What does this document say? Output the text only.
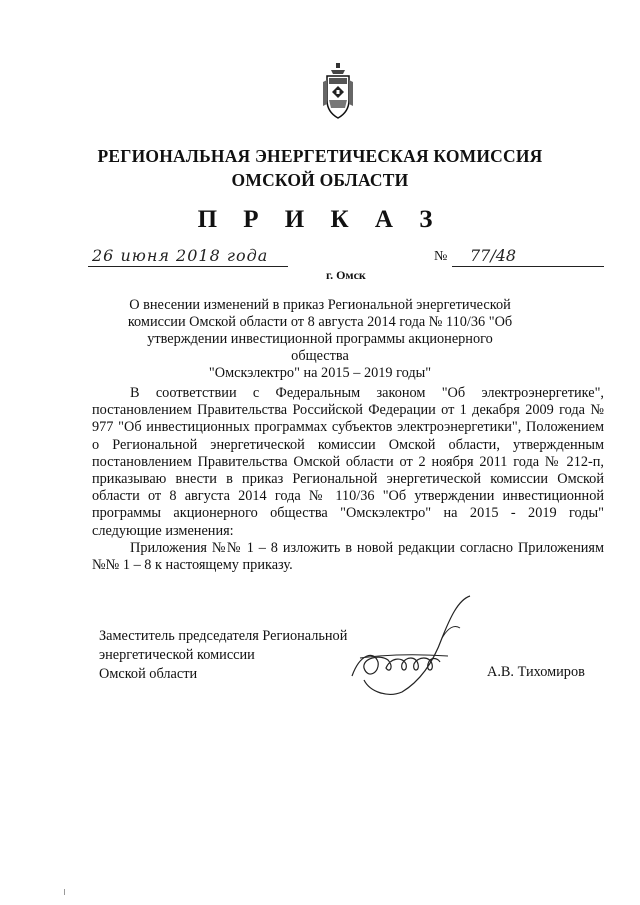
РЕГИОНАЛЬНАЯ ЭНЕРГЕТИЧЕСКАЯ КОМИССИЯ
ОМСКОЙ ОБЛАСТИ
П Р И К А З
26 июня 2018 года	№ 77/48
г. Омск
О внесении изменений в приказ Региональной энергетической
комиссии Омской области от 8 августа 2014 года № 110/36 "Об
утверждении инвестиционной программы акционерного общества
"Омскэлектро" на 2015 – 2019 годы"

В соответствии с Федеральным законом "Об электроэнергетике", постановлением Правительства Российской Федерации от 1 декабря 2009 года № 977 "Об инвестиционных программах субъектов электроэнергетики", Положением о Региональной энергетической комиссии Омской области, утвержденным постановлением Правительства Омской области от 2 ноября 2011 года № 212-п, приказываю внести в приказ Региональной энергетической комиссии Омской области от 8 августа 2014 года № 110/36 "Об утверждении инвестиционной программы акционерного общества "Омскэлектро" на 2015 - 2019 годы" следующие изменения:

Приложения №№ 1 – 8 изложить в новой редакции согласно Приложениям №№ 1 – 8 к настоящему приказу.

Заместитель председателя Региональной
энергетической комиссии
Омской области	А.В. Тихомиров
